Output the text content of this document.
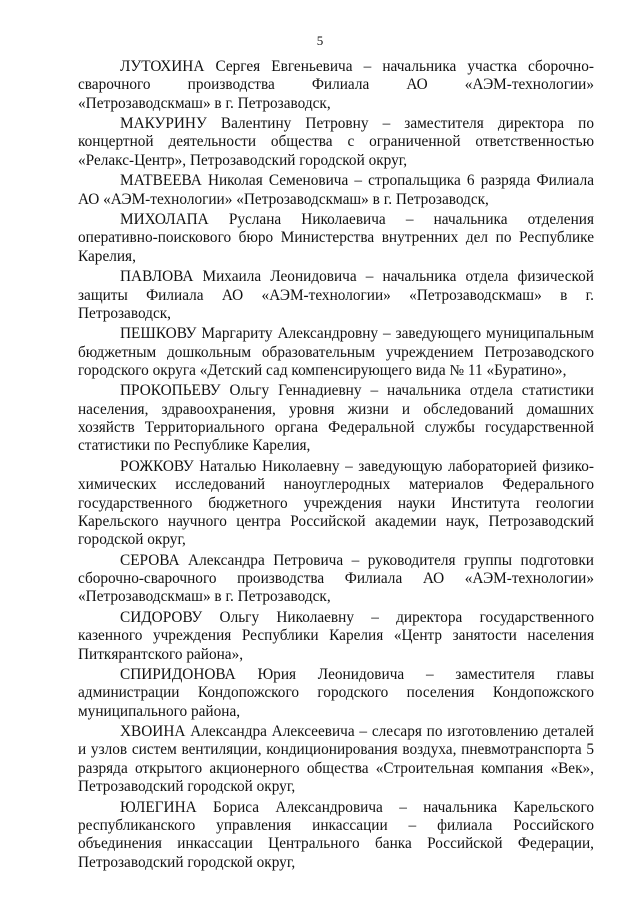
5

ЛУТОХИНА Сергея Евгеньевича – начальника участка сборочно-сварочного производства Филиала АО «АЭМ-технологии» «Петрозаводскмаш» в г. Петрозаводск,

МАКУРИНУ Валентину Петровну – заместителя директора по концертной деятельности общества с ограниченной ответственностью «Релакс-Центр», Петрозаводский городской округ,

МАТВЕЕВА Николая Семеновича – стропальщика 6 разряда Филиала АО «АЭМ-технологии» «Петрозаводскмаш» в г. Петрозаводск,

МИХОЛАПА Руслана Николаевича – начальника отделения оперативно-поискового бюро Министерства внутренних дел по Республике Карелия,

ПАВЛОВА Михаила Леонидовича – начальника отдела физической защиты Филиала АО «АЭМ-технологии» «Петрозаводскмаш» в г. Петрозаводск,

ПЕШКОВУ Маргариту Александровну – заведующего муниципальным бюджетным дошкольным образовательным учреждением Петрозаводского городского округа «Детский сад компенсирующего вида № 11 «Буратино»,

ПРОКОПЬЕВУ Ольгу Геннадиевну – начальника отдела статистики населения, здравоохранения, уровня жизни и обследований домашних хозяйств Территориального органа Федеральной службы государственной статистики по Республике Карелия,

РОЖКОВУ Наталью Николаевну – заведующую лабораторией физико-химических исследований наноуглеродных материалов Федерального государственного бюджетного учреждения науки Института геологии Карельского научного центра Российской академии наук, Петрозаводский городской округ,

СЕРОВА Александра Петровича – руководителя группы подготовки сборочно-сварочного производства Филиала АО «АЭМ-технологии» «Петрозаводскмаш» в г. Петрозаводск,

СИДОРОВУ Ольгу Николаевну – директора государственного казенного учреждения Республики Карелия «Центр занятости населения Питкярантского района»,

СПИРИДОНОВА Юрия Леонидовича – заместителя главы администрации Кондопожского городского поселения Кондопожского муниципального района,

ХВОИНА Александра Алексеевича – слесаря по изготовлению деталей и узлов систем вентиляции, кондиционирования воздуха, пневмотранспорта 5 разряда открытого акционерного общества «Строительная компания «Век», Петрозаводский городской округ,

ЮЛЕГИНА Бориса Александровича – начальника Карельского республиканского управления инкассации – филиала Российского объединения инкассации Центрального банка Российской Федерации, Петрозаводский городской округ,
